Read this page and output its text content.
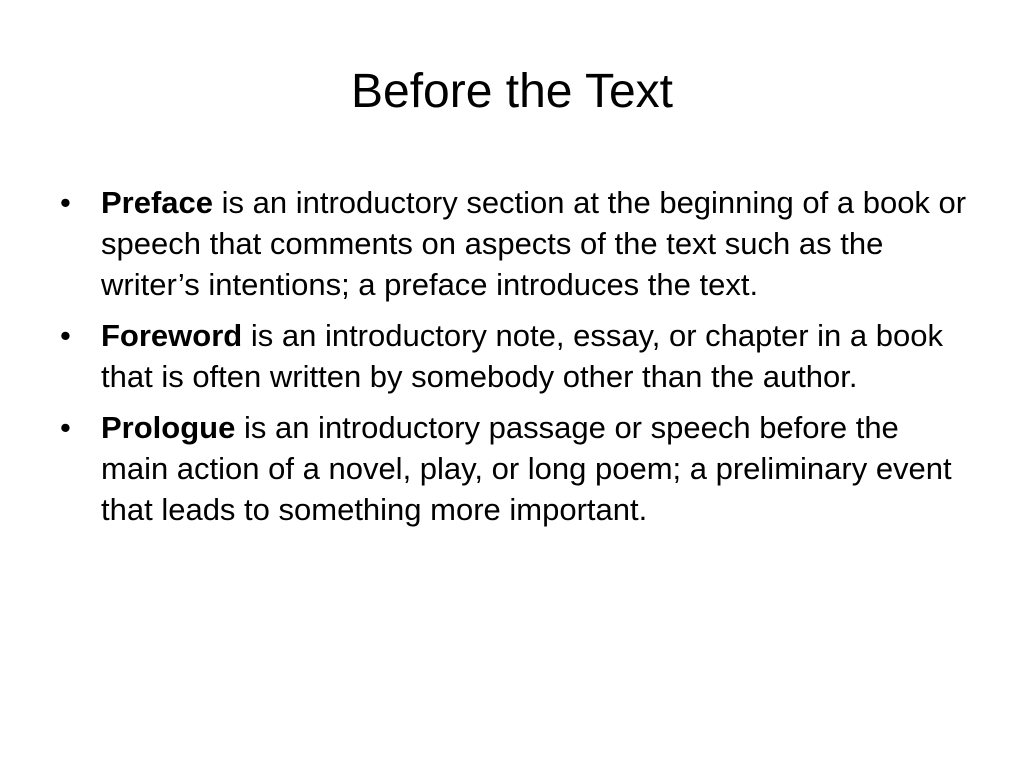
Before the Text
• Preface is an introductory section at the beginning of a book or speech that comments on aspects of the text such as the writer’s intentions; a preface introduces the text.
• Foreword is an introductory note, essay, or chapter in a book that is often written by somebody other than the author.
• Prologue is an introductory passage or speech before the main action of a novel, play, or long poem; a preliminary event that leads to something more important.
